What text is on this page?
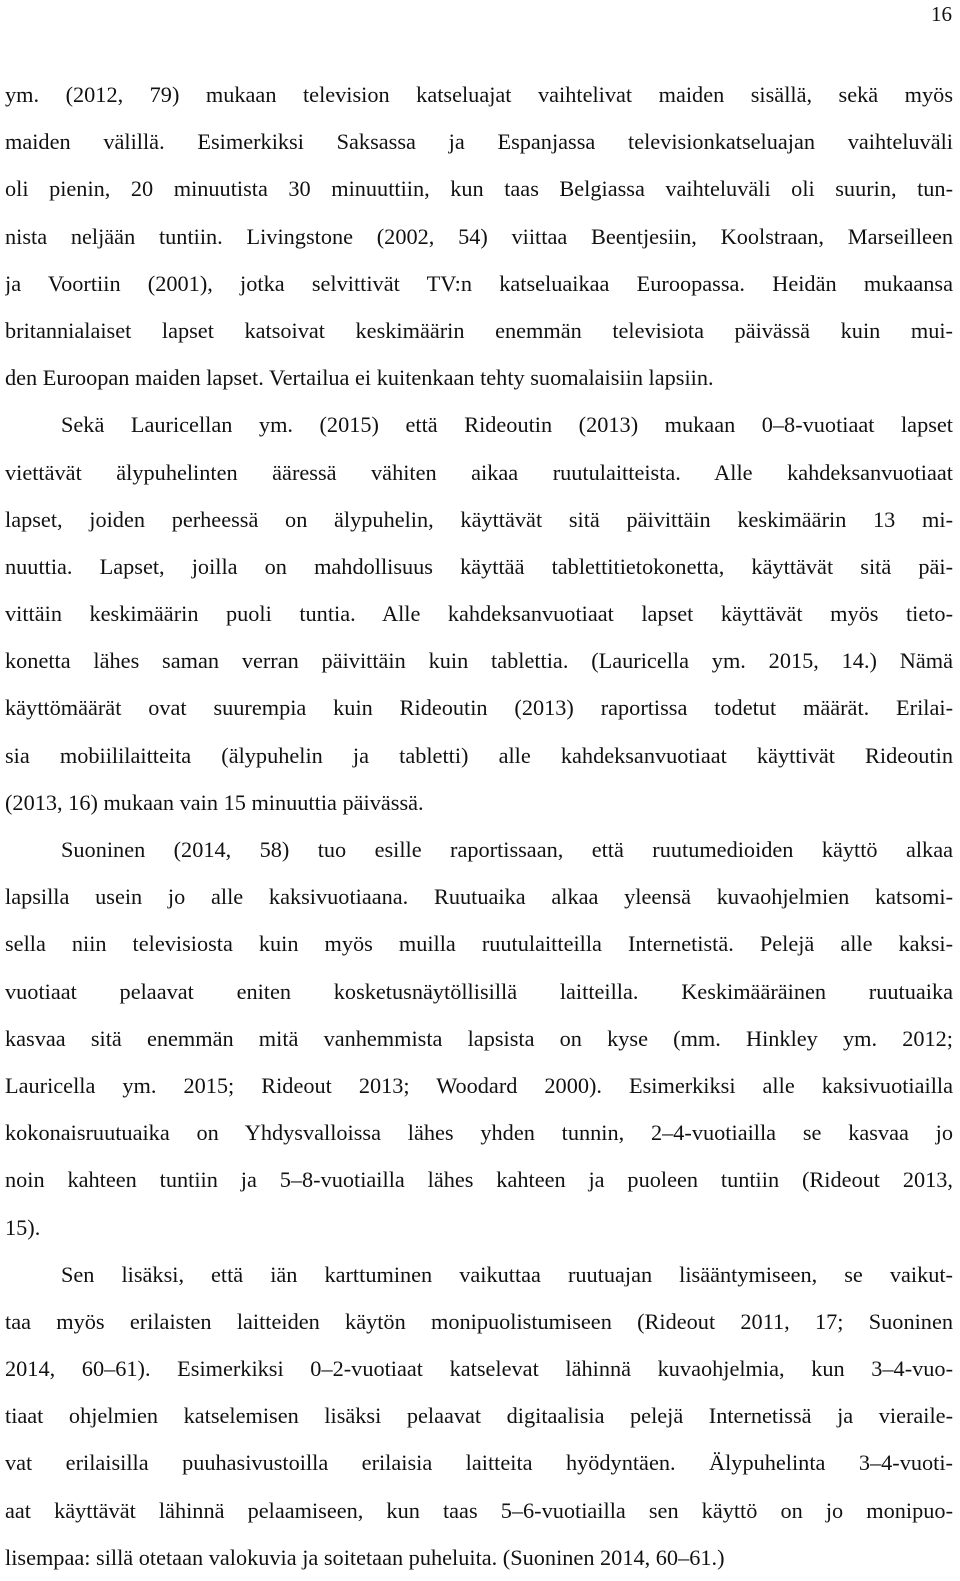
16
ym. (2012, 79) mukaan television katseluajat vaihtelivat maiden sisällä, sekä myös
maiden välillä. Esimerkiksi Saksassa ja Espanjassa televisionkatseluajan vaihteluväli
oli pienin, 20 minuutista 30 minuuttiin, kun taas Belgiassa vaihteluväli oli suurin, tun-
nista neljään tuntiin. Livingstone (2002, 54) viittaa Beentjesiin, Koolstraan, Marseilleen
ja Voortiin (2001), jotka selvittivät TV:n katseluaikaa Euroopassa. Heidän mukaansa
britannialaiset lapset katsoivat keskimäärin enemmän televisiota päivässä kuin mui-
den Euroopan maiden lapset. Vertailua ei kuitenkaan tehty suomalaisiin lapsiin.
Sekä Lauricellan ym. (2015) että Rideoutin (2013) mukaan 0–8-vuotiaat lapset
viettävät älypuhelinten ääressä vähiten aikaa ruutulaitteista. Alle kahdeksanvuotiaat
lapset, joiden perheessä on älypuhelin, käyttävät sitä päivittäin keskimäärin 13 mi-
nuuttia. Lapset, joilla on mahdollisuus käyttää tablettitietokonetta, käyttävät sitä päi-
vittäin keskimäärin puoli tuntia. Alle kahdeksanvuotiaat lapset käyttävät myös tieto-
konetta lähes saman verran päivittäin kuin tablettia. (Lauricella ym. 2015, 14.) Nämä
käyttömäärät ovat suurempia kuin Rideoutin (2013) raportissa todetut määrät. Erilai-
sia mobiililaitteita (älypuhelin ja tabletti) alle kahdeksanvuotiaat käyttivät Rideoutin
(2013, 16) mukaan vain 15 minuuttia päivässä.
Suoninen (2014, 58) tuo esille raportissaan, että ruutumedioiden käyttö alkaa
lapsilla usein jo alle kaksivuotiaana. Ruutuaika alkaa yleensä kuvaohjelmien katsomi-
sella niin televisiosta kuin myös muilla ruutulaitteilla Internetistä. Pelejä alle kaksi-
vuotiaat pelaavat eniten kosketusnäytöllisillä laitteilla. Keskimääräinen ruutuaika
kasvaa sitä enemmän mitä vanhemmista lapsista on kyse (mm. Hinkley ym. 2012;
Lauricella ym. 2015; Rideout 2013; Woodard 2000). Esimerkiksi alle kaksivuotiailla
kokonaisruutuaika on Yhdysvalloissa lähes yhden tunnin, 2–4-vuotiailla se kasvaa jo
noin kahteen tuntiin ja 5–8-vuotiailla lähes kahteen ja puoleen tuntiin (Rideout 2013,
15).
Sen lisäksi, että iän karttuminen vaikuttaa ruutuajan lisääntymiseen, se vaikut-
taa myös erilaisten laitteiden käytön monipuolistumiseen (Rideout 2011, 17; Suoninen
2014, 60–61). Esimerkiksi 0–2-vuotiaat katselevat lähinnä kuvaohjelmia, kun 3–4-vuo-
tiaat ohjelmien katselemisen lisäksi pelaavat digitaalisia pelejä Internetissä ja vieraile-
vat erilaisilla puuhasivustoilla erilaisia laitteita hyödyntäen. Älypuhelinta 3–4-vuoti-
aat käyttävät lähinnä pelaamiseen, kun taas 5–6-vuotiailla sen käyttö on jo monipuo-
lisempaa: sillä otetaan valokuvia ja soitetaan puheluita. (Suoninen 2014, 60–61.)
